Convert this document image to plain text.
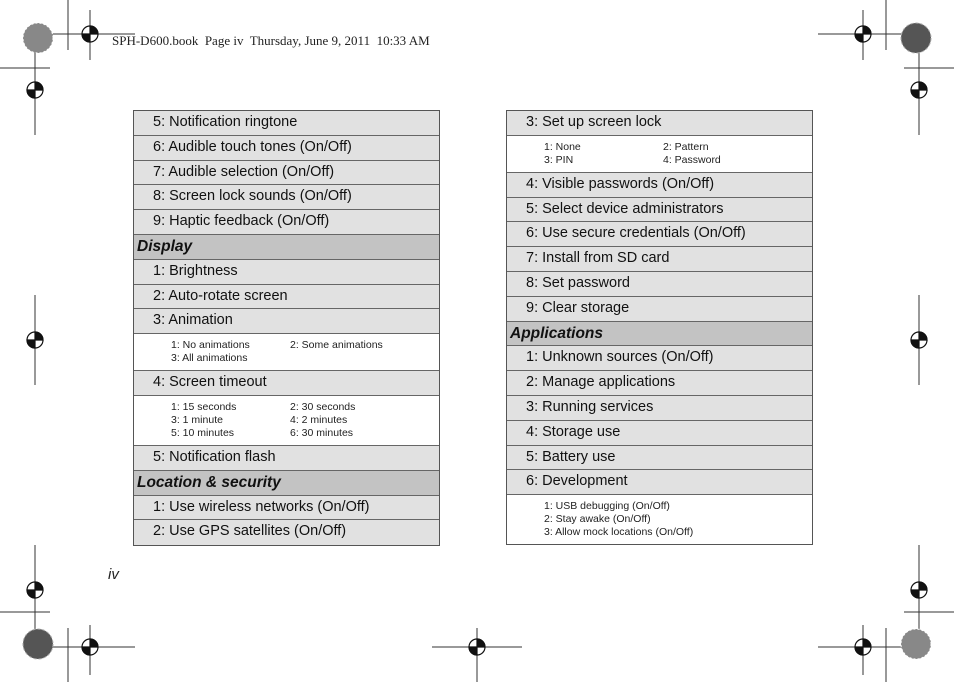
SPH-D600.book  Page iv  Thursday, June 9, 2011  10:33 AM
5: Notification ringtone
6: Audible touch tones (On/Off)
7: Audible selection (On/Off)
8: Screen lock sounds (On/Off)
9: Haptic feedback (On/Off)
Display
1: Brightness
2: Auto-rotate screen
3: Animation
1: No animations	2: Some animations
3: All animations
4: Screen timeout
1: 15 seconds	2: 30 seconds
3: 1 minute	4: 2 minutes
5: 10 minutes	6: 30 minutes
5: Notification flash
Location & security
1: Use wireless networks (On/Off)
2: Use GPS satellites (On/Off)
3: Set up screen lock
1: None	2: Pattern
3: PIN	4: Password
4: Visible passwords (On/Off)
5: Select device administrators
6: Use secure credentials (On/Off)
7: Install from SD card
8: Set password
9: Clear storage
Applications
1: Unknown sources (On/Off)
2: Manage applications
3: Running services
4: Storage use
5: Battery use
6: Development
1: USB debugging (On/Off)
2: Stay awake (On/Off)
3: Allow mock locations (On/Off)
iv
